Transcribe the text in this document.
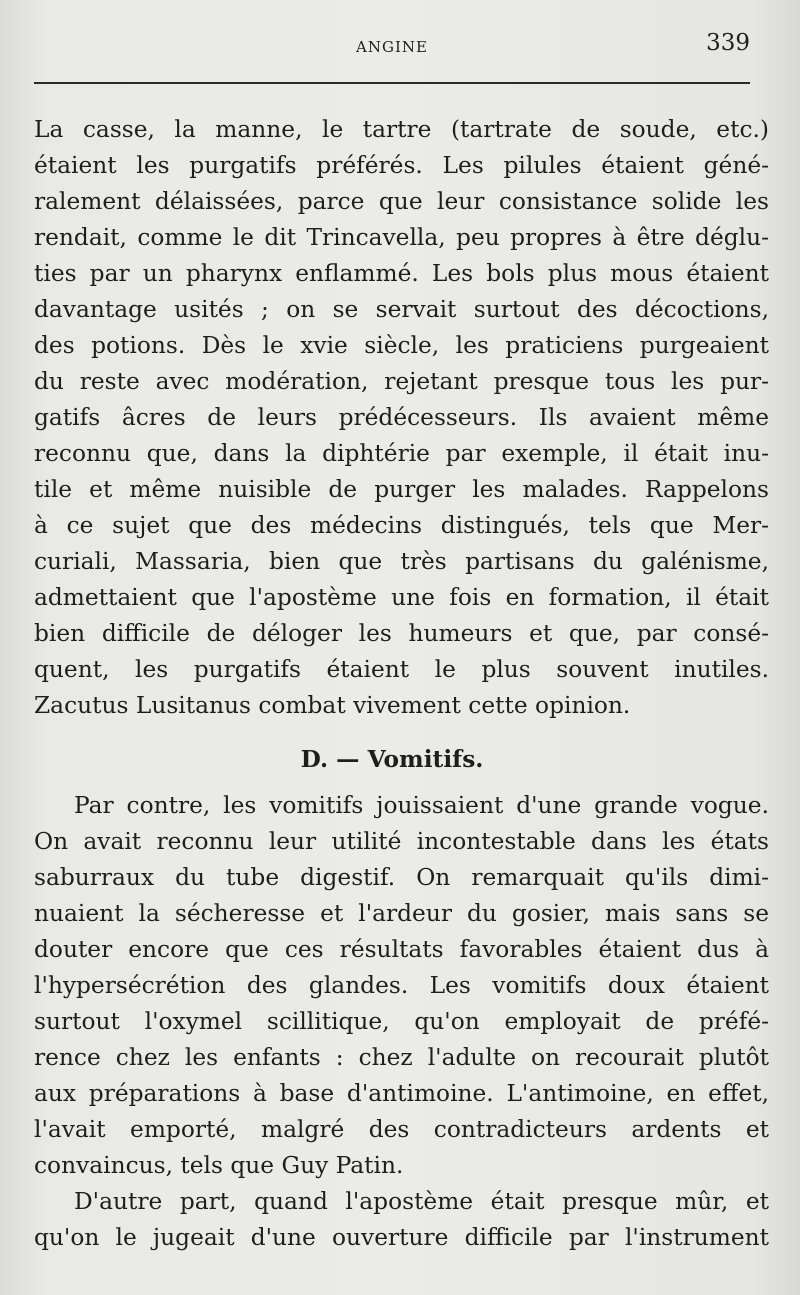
ANGINE	339
La casse, la manne, le tartre (tartrate de soude, etc.)
étaient les purgatifs préférés. Les pilules étaient géné-
ralement délaissées, parce que leur consistance solide les
rendait, comme le dit Trincavella, peu propres à être déglu-
ties par un pharynx enflammé. Les bols plus mous étaient
davantage usités ; on se servait surtout des décoctions,
des potions. Dès le xvie siècle, les praticiens purgeaient
du reste avec modération, rejetant presque tous les pur-
gatifs âcres de leurs prédécesseurs. Ils avaient même
reconnu que, dans la diphtérie par exemple, il était inu-
tile et même nuisible de purger les malades. Rappelons
à ce sujet que des médecins distingués, tels que Mer-
curiali, Massaria, bien que très partisans du galénisme,
admettaient que l'apostème une fois en formation, il était
bien difficile de déloger les humeurs et que, par consé-
quent, les purgatifs étaient le plus souvent inutiles.
Zacutus Lusitanus combat vivement cette opinion.
D. — Vomitifs.
Par contre, les vomitifs jouissaient d'une grande vogue.
On avait reconnu leur utilité incontestable dans les états
saburraux du tube digestif. On remarquait qu'ils dimi-
nuaient la sécheresse et l'ardeur du gosier, mais sans se
douter encore que ces résultats favorables étaient dus à
l'hypersécrétion des glandes. Les vomitifs doux étaient
surtout l'oxymel scillitique, qu'on employait de préfé-
rence chez les enfants : chez l'adulte on recourait plutôt
aux préparations à base d'antimoine. L'antimoine, en effet,
l'avait emporté, malgré des contradicteurs ardents et
convaincus, tels que Guy Patin.
D'autre part, quand l'apostème était presque mûr, et
qu'on le jugeait d'une ouverture difficile par l'instrument
